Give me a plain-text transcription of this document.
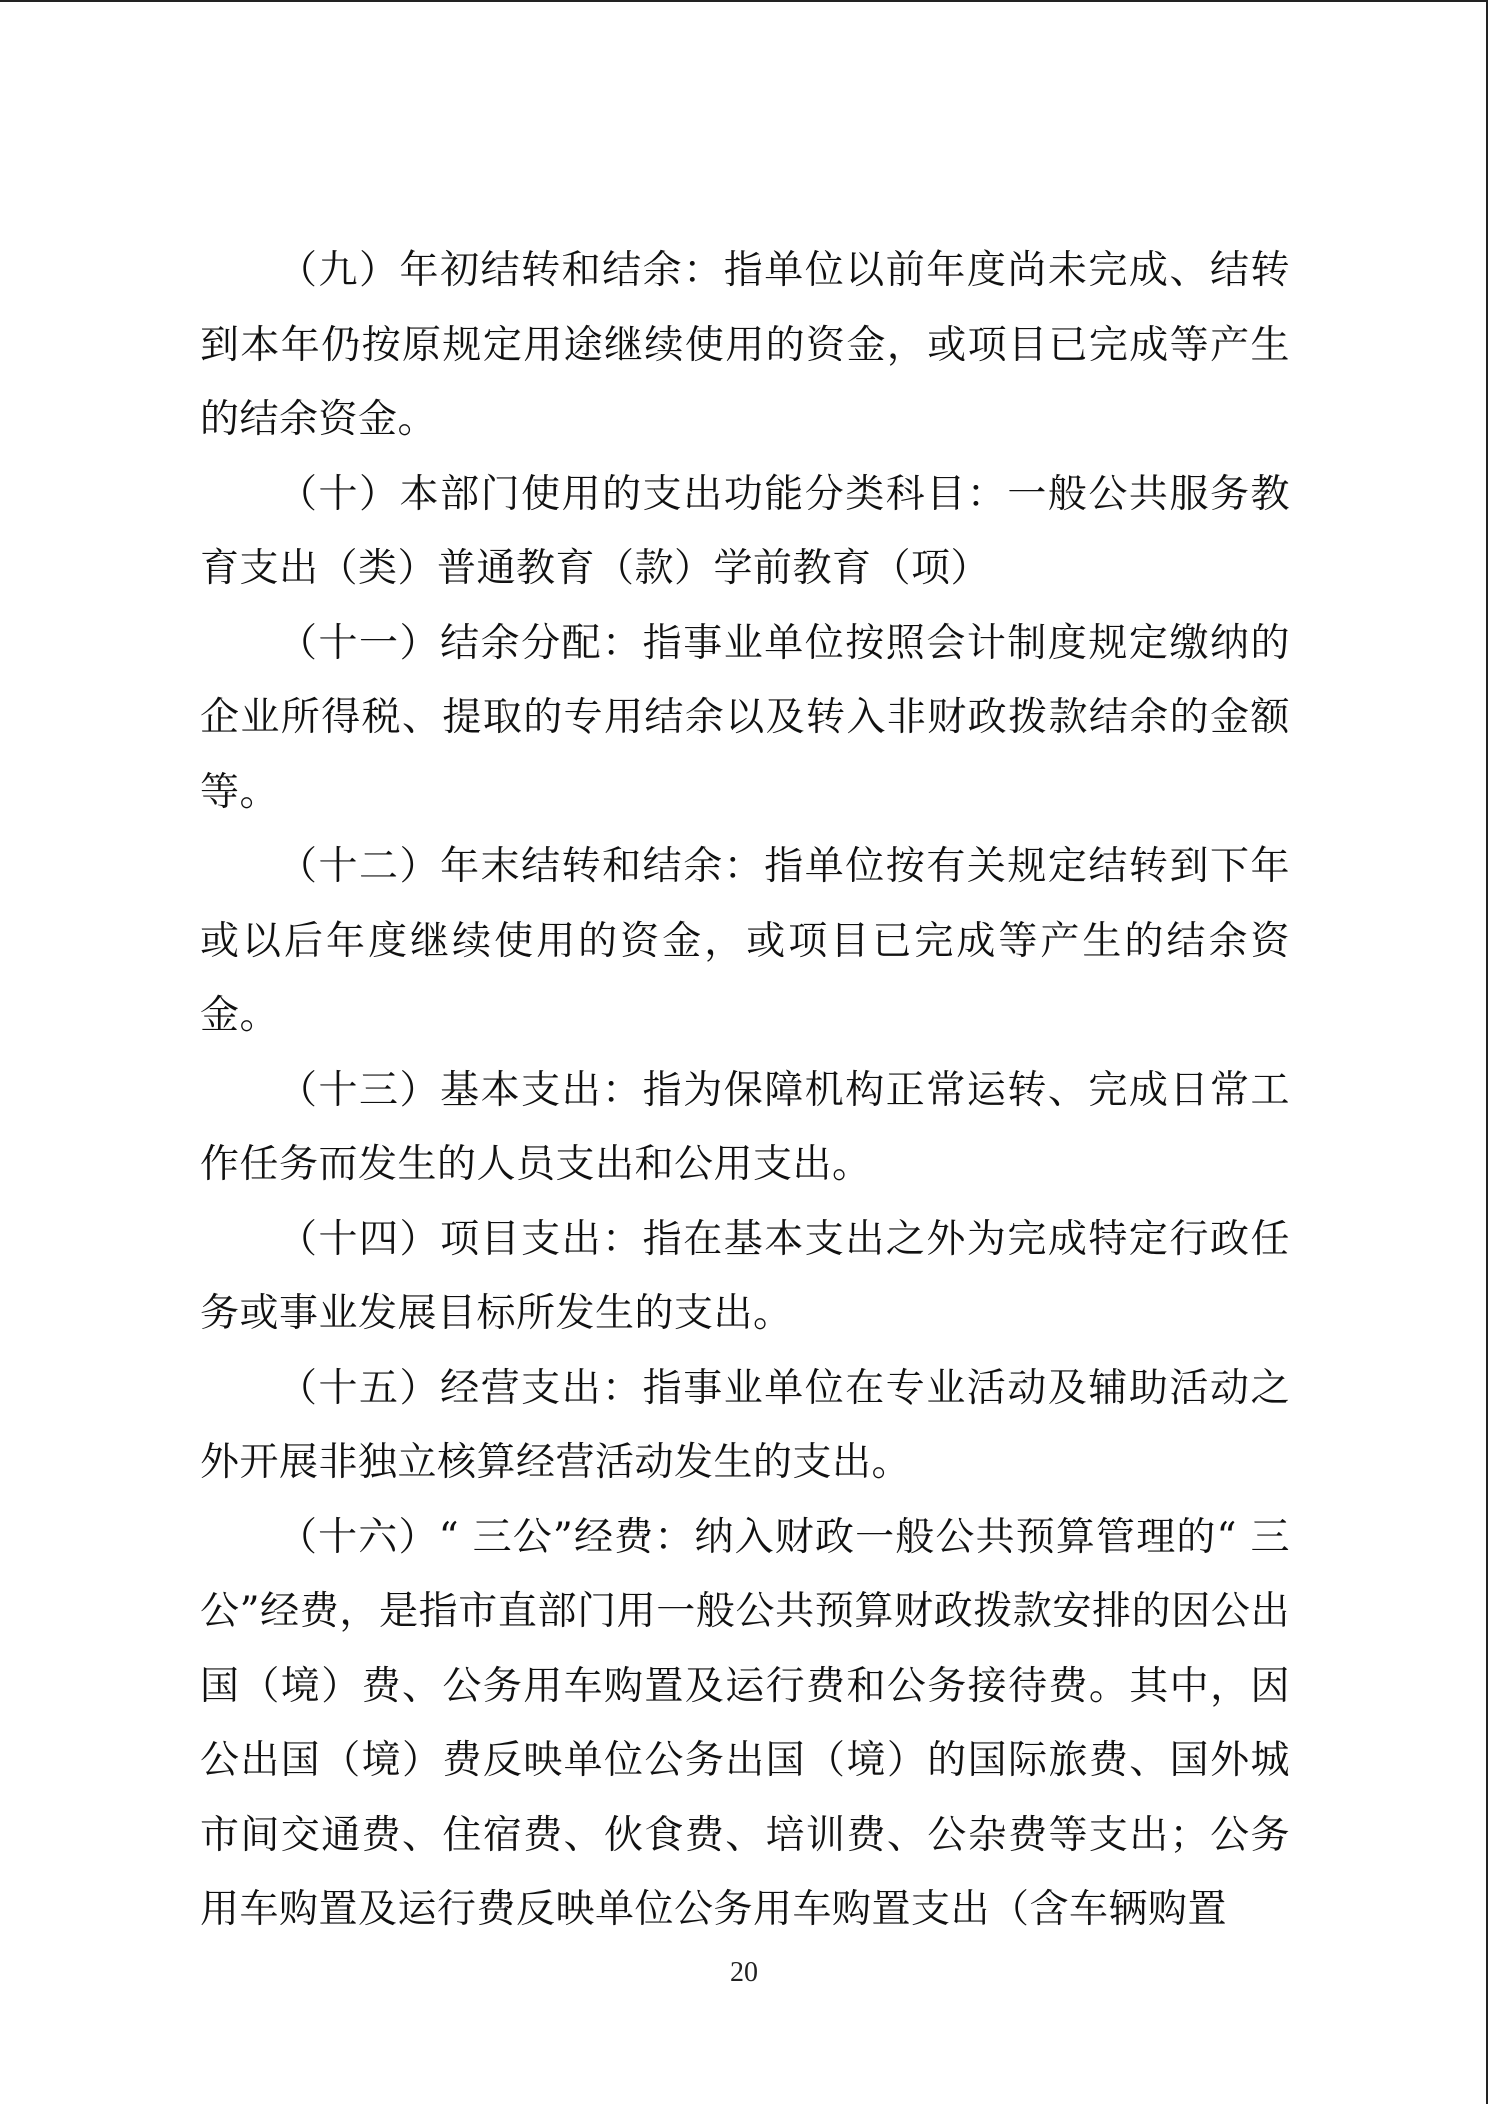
（九）年初结转和结余：指单位以前年度尚未完成、结转到本年仍按原规定用途继续使用的资金，或项目已完成等产生的结余资金。

（十）本部门使用的支出功能分类科目：一般公共服务教育支出（类）普通教育（款）学前教育（项）

（十一）结余分配：指事业单位按照会计制度规定缴纳的企业所得税、提取的专用结余以及转入非财政拨款结余的金额等。

（十二）年末结转和结余：指单位按有关规定结转到下年或以后年度继续使用的资金，或项目已完成等产生的结余资金。

（十三）基本支出：指为保障机构正常运转、完成日常工作任务而发生的人员支出和公用支出。

（十四）项目支出：指在基本支出之外为完成特定行政任务或事业发展目标所发生的支出。

（十五）经营支出：指事业单位在专业活动及辅助活动之外开展非独立核算经营活动发生的支出。

（十六）“ 三公”经费：纳入财政一般公共预算管理的“ 三公”经费，是指市直部门用一般公共预算财政拨款安排的因公出国（境）费、公务用车购置及运行费和公务接待费。其中，因公出国（境）费反映单位公务出国（境）的国际旅费、国外城市间交通费、住宿费、伙食费、培训费、公杂费等支出；公务用车购置及运行费反映单位公务用车购置支出（含车辆购置

20
